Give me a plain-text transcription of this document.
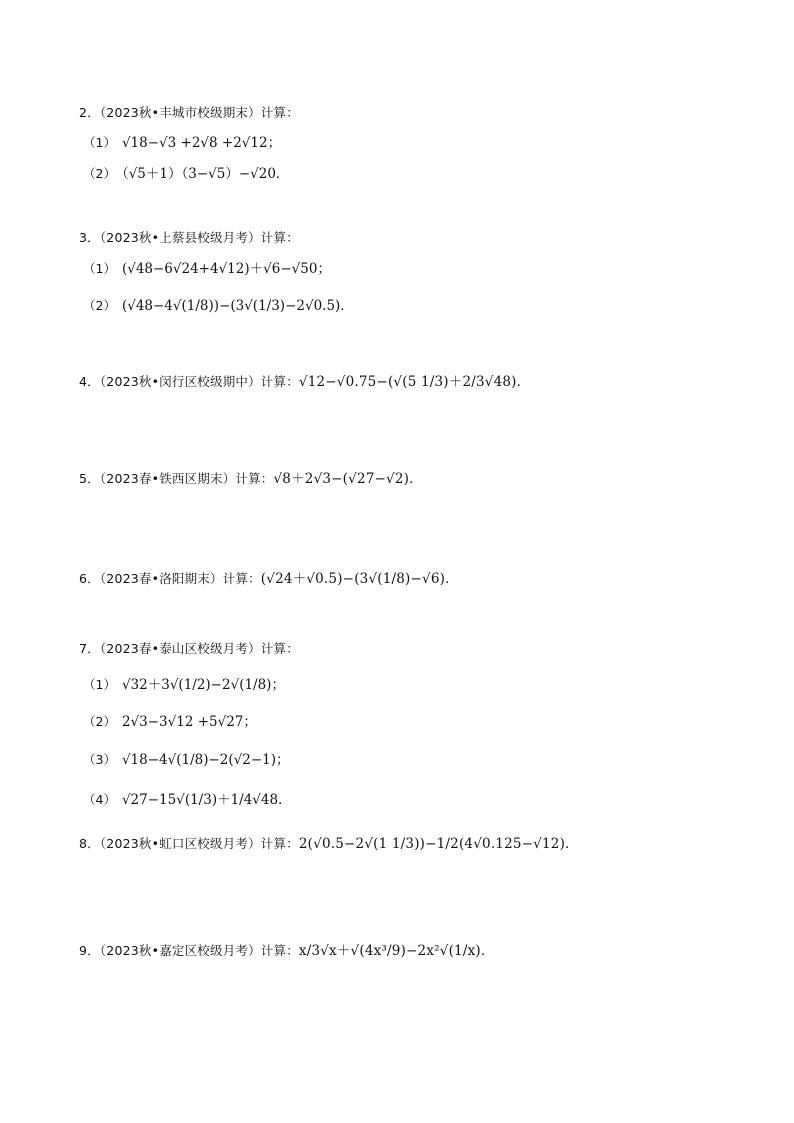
2．（2023秋•丰城市校级期末）计算：
（1） √18−√3 +2√8 +2√12；
（2） （√5＋1）（3−√5）−√20．
3．（2023秋•上蔡县校级月考）计算：
（1） (√48−6√24+4√12)＋√6−√50；
（2） (√48−4√(1/8))−(3√(1/3)−2√0.5)．
4．（2023秋•闵行区校级期中）计算：√12−√0.75−(√(5 1/3)＋2/3√48)．
5．（2023春•铁西区期末）计算：√8＋2√3−(√27−√2)．
6．（2023春•洛阳期末）计算：(√24＋√0.5)−(3√(1/8)−√6)．
7．（2023春•泰山区校级月考）计算：
（1） √32＋3√(1/2)−2√(1/8)；
（2） 2√3−3√12 +5√27；
（3） √18−4√(1/8)−2(√2−1)；
（4） √27−15√(1/3)＋1/4√48．
8．（2023秋•虹口区校级月考）计算：2(√0.5−2√(1 1/3))−1/2(4√0.125−√12)．
9．（2023秋•嘉定区校级月考）计算：x/3√x＋√(4x³/9)−2x²√(1/x)．
